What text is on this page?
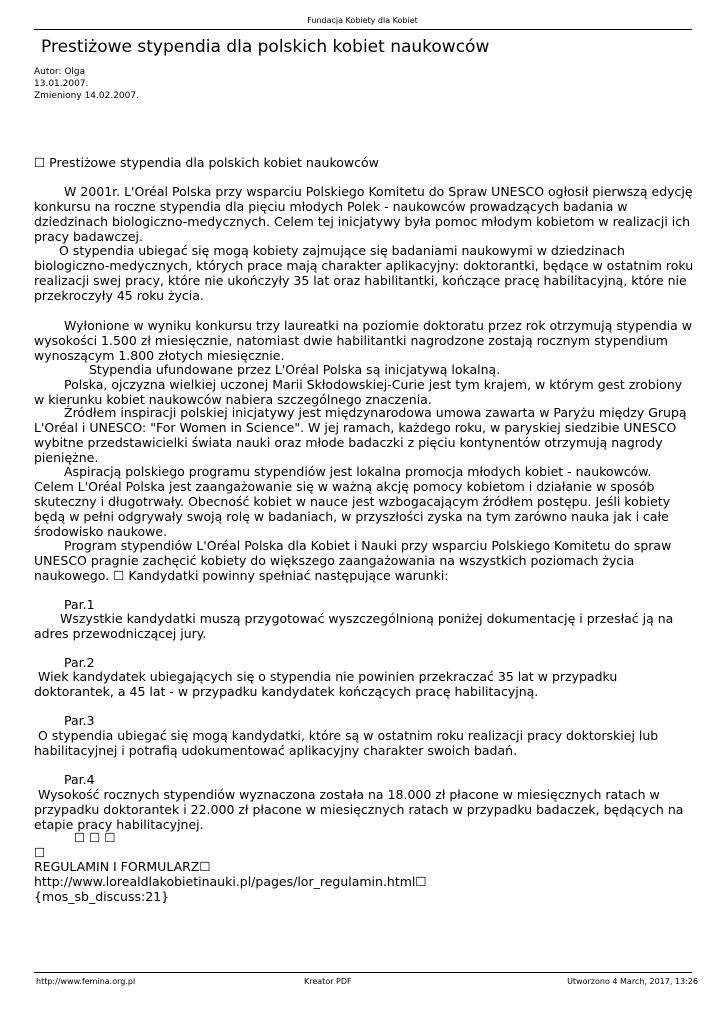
Fundacja Kobiety dla Kobiet
Prestiżowe stypendia dla polskich kobiet naukowców
Autor: Olga
13.01.2007.
Zmieniony 14.02.2007.
☐ Prestiżowe stypendia dla polskich kobiet naukowców
W 2001r. L'Oréal Polska przy wsparciu Polskiego Komitetu do Spraw UNESCO ogłosił pierwszą edycję konkursu na roczne stypendia dla pięciu młodych Polek - naukowców prowadzących badania w dziedzinach biologiczno-medycznych. Celem tej inicjatywy była pomoc młodym kobietom w realizacji ich pracy badawczej.
O stypendia ubiegać się mogą kobiety zajmujące się badaniami naukowymi w dziedzinach biologiczno-medycznych, których prace mają charakter aplikacyjny: doktorantki, będące w ostatnim roku realizacji swej pracy, które nie ukończyły 35 lat oraz habilitantki, kończące pracę habilitacyjną, które nie przekroczyły 45 roku życia.
Wyłonione w wyniku konkursu trzy laureatki na poziomie doktoratu przez rok otrzymują stypendia w wysokości 1.500 zł miesięcznie, natomiast dwie habilitantki nagrodzone zostają rocznym stypendium wynoszącym 1.800 złotych miesięcznie.
Stypendia ufundowane przez L'Oréal Polska są inicjatywą lokalną.
Polska, ojczyzna wielkiej uczonej Marii Skłodowskiej-Curie jest tym krajem, w którym gest zrobiony w kierunku kobiet naukowców nabiera szczególnego znaczenia.
Źródłem inspiracji polskiej inicjatywy jest międzynarodowa umowa zawarta w Paryżu między Grupą L'Oréal i UNESCO: "For Women in Science". W jej ramach, każdego roku, w paryskiej siedzibie UNESCO wybitne przedstawicielki świata nauki oraz młode badaczki z pięciu kontynentów otrzymują nagrody pieniężne.
Aspiracją polskiego programu stypendiów jest lokalna promocja młodych kobiet - naukowców. Celem L'Oréal Polska jest zaangażowanie się w ważną akcję pomocy kobietom i działanie w sposób skuteczny i długotrwały. Obecność kobiet w nauce jest wzbogacającym źródłem postępu. Jeśli kobiety będą w pełni odgrywały swoją rolę w badaniach, w przyszłości zyska na tym zarówno nauka jak i całe środowisko naukowe.
Program stypendiów L'Oréal Polska dla Kobiet i Nauki przy wsparciu Polskiego Komitetu do spraw UNESCO pragnie zachęcić kobiety do większego zaangażowania na wszystkich poziomach życia naukowego. ☐ Kandydatki powinny spełniać następujące warunki:
Par.1
Wszystkie kandydatki muszą przygotować wyszczególnioną poniżej dokumentację i przesłać ją na adres przewodniczącej jury.
Par.2
Wiek kandydatek ubiegających się o stypendia nie powinien przekraczać 35 lat w przypadku doktorantek, a 45 lat - w przypadku kandydatek kończących pracę habilitacyjną.
Par.3
O stypendia ubiegać się mogą kandydatki, które są w ostatnim roku realizacji pracy doktorskiej lub habilitacyjnej i potrafią udokumentować aplikacyjny charakter swoich badań.
Par.4
Wysokość rocznych stypendiów wyznaczona została na 18.000 zł płacone w miesięcznych ratach w przypadku doktorantek i 22.000 zł płacone w miesięcznych ratach w przypadku badaczek, będących na etapie pracy habilitacyjnej.
☐ ☐ ☐
☐
REGULAMIN I FORMULARZ☐
http://www.lorealdlakobietinauki.pl/pages/lor_regulamin.html☐
{mos_sb_discuss:21}
http://www.femina.org.pl	Kreator PDF	Utworzono 4 March, 2017, 13:26
